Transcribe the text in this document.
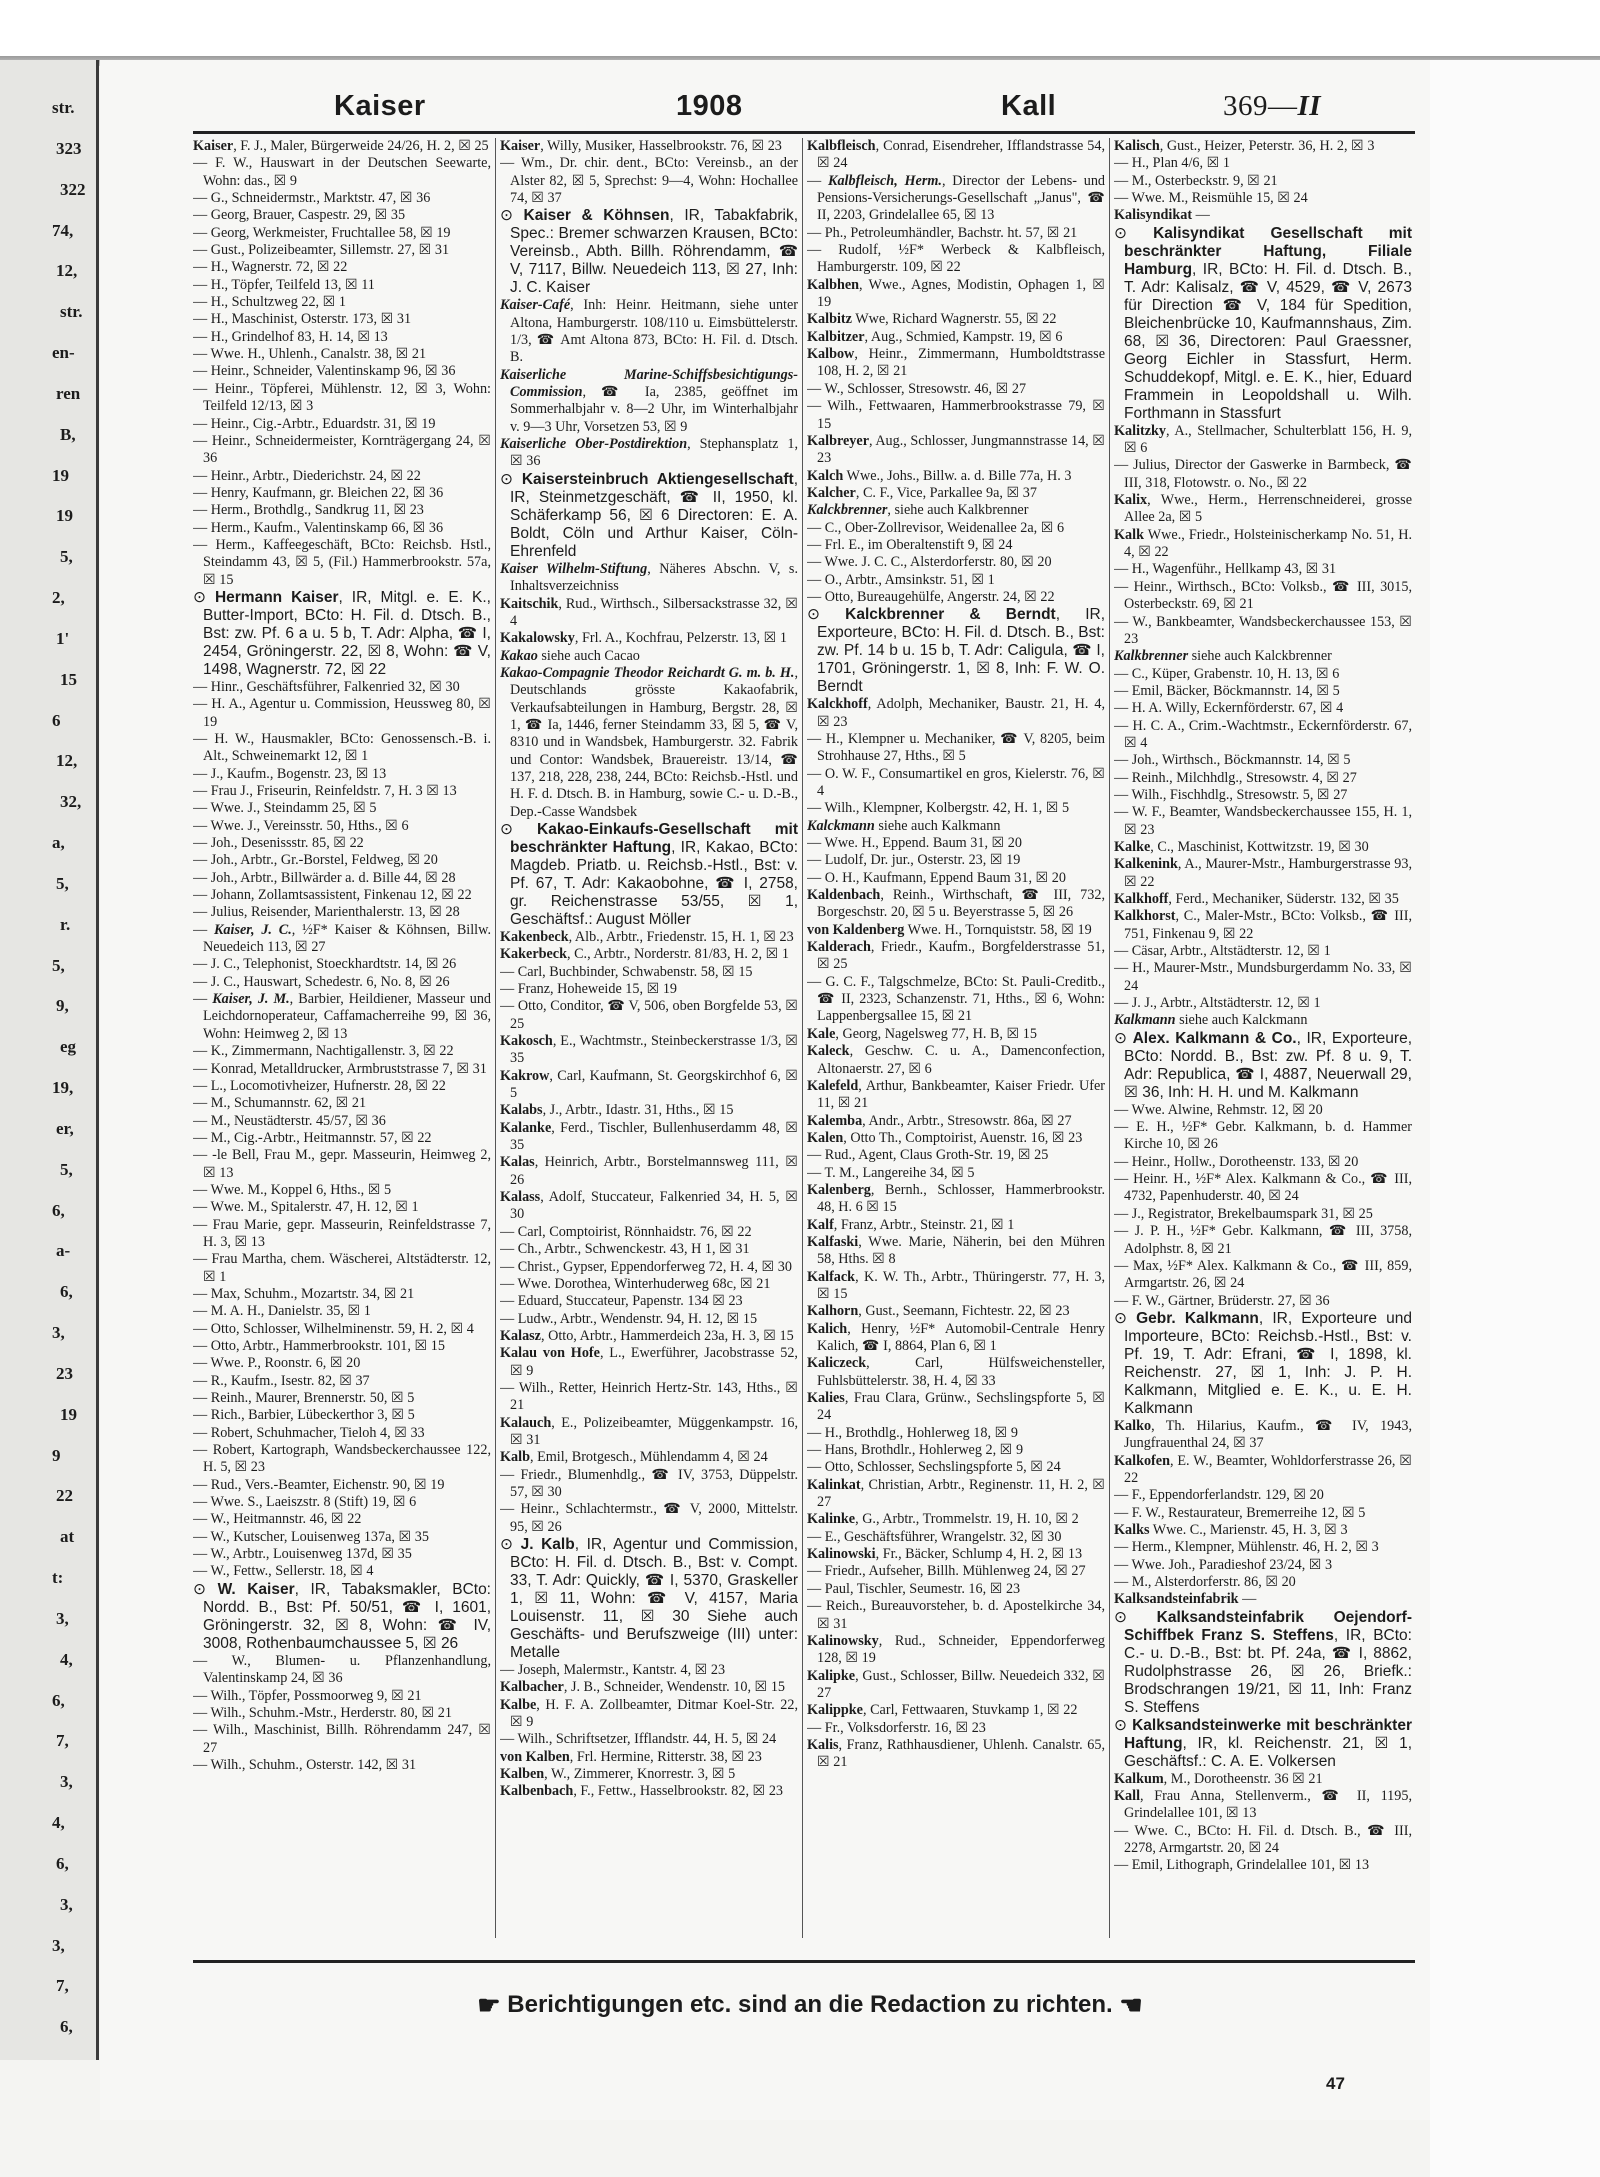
str.
323
322
74,
12,
str.
en-
ren
B,
19
19
5,
2,
1'
15
6
12,
32,
a,
5,
r.
5,
9,
eg
19,
er,
5,
6,
a-
6,
3,
23
19
9
22
at
t:
3,
4,
6,
7,
3,
4,
6,
3,
3,
7,
6,
Kaiser	1908	Kall	369—II

Kaiser, F. J., Maler, Bürgerweide 24/26, H. 2, ☒ 25

— F. W., Hauswart in der Deutschen Seewarte, Wohn: das., ☒ 9

— G., Schneidermstr., Marktstr. 47, ☒ 36

— Georg, Brauer, Caspestr. 29, ☒ 35

— Georg, Werkmeister, Fruchtallee 58, ☒ 19

— Gust., Polizeibeamter, Sillemstr. 27, ☒ 31

— H., Wagnerstr. 72, ☒ 22

— H., Töpfer, Teilfeld 13, ☒ 11

— H., Schultzweg 22, ☒ 1

— H., Maschinist, Osterstr. 173, ☒ 31

— H., Grindelhof 83, H. 14, ☒ 13

— Wwe. H., Uhlenh., Canalstr. 38, ☒ 21

— Heinr., Schneider, Valentinskamp 96, ☒ 36

— Heinr., Töpferei, Mühlenstr. 12, ☒ 3, Wohn: Teilfeld 12/13, ☒ 3

— Heinr., Cig.-Arbtr., Eduardstr. 31, ☒ 19

— Heinr., Schneidermeister, Kornträgergang 24, ☒ 36

— Heinr., Arbtr., Diederichstr. 24, ☒ 22

— Henry, Kaufmann, gr. Bleichen 22, ☒ 36

— Herm., Brothdlg., Sandkrug 11, ☒ 23

— Herm., Kaufm., Valentinskamp 66, ☒ 36

— Herm., Kaffeegeschäft, BCto: Reichsb. Hstl., Steindamm 43, ☒ 5, (Fil.) Hammerbrookstr. 57a, ☒ 15

⊙ Hermann Kaiser, IR, Mitgl. e. E. K., Butter-Import, BCto: H. Fil. d. Dtsch. B., Bst: zw. Pf. 6 a u. 5 b, T. Adr: Alpha, ☎ I, 2454, Gröningerstr. 22, ☒ 8, Wohn: ☎ V, 1498, Wagnerstr. 72, ☒ 22

— Hinr., Geschäftsführer, Falkenried 32, ☒ 30

— H. A., Agentur u. Commission, Heussweg 80, ☒ 19

— H. W., Hausmakler, BCto: Genossensch.-B. i. Alt., Schweinemarkt 12, ☒ 1

— J., Kaufm., Bogenstr. 23, ☒ 13

— Frau J., Friseurin, Reinfeldstr. 7, H. 3 ☒ 13

— Wwe. J., Steindamm 25, ☒ 5

— Wwe. J., Vereinsstr. 50, Hths., ☒ 6

— Joh., Desenissstr. 85, ☒ 22

— Joh., Arbtr., Gr.-Borstel, Feldweg, ☒ 20

— Joh., Arbtr., Billwärder a. d. Bille 44, ☒ 28

— Johann, Zollamtsassistent, Finkenau 12, ☒ 22

— Julius, Reisender, Marienthalerstr. 13, ☒ 28

— Kaiser, J. C., ½F* Kaiser & Köhnsen, Billw. Neuedeich 113, ☒ 27

— J. C., Telephonist, Stoeckhardtstr. 14, ☒ 26

— J. C., Hauswart, Schedestr. 6, No. 8, ☒ 26

— Kaiser, J. M., Barbier, Heildiener, Masseur und Leichdornoperateur, Caffamacherreihe 99, ☒ 36, Wohn: Heimweg 2, ☒ 13

— K., Zimmermann, Nachtigallenstr. 3, ☒ 22

— Konrad, Metalldrucker, Armbruststrasse 7, ☒ 31

— L., Locomotivheizer, Hufnerstr. 28, ☒ 22

— M., Schumannstr. 62, ☒ 21

— M., Neustädterstr. 45/57, ☒ 36

— M., Cig.-Arbtr., Heitmannstr. 57, ☒ 22

— -le Bell, Frau M., gepr. Masseurin, Heimweg 2, ☒ 13

— Wwe. M., Koppel 6, Hths., ☒ 5

— Wwe. M., Spitalerstr. 47, H. 12, ☒ 1

— Frau Marie, gepr. Masseurin, Reinfeldstrasse 7, H. 3, ☒ 13

— Frau Martha, chem. Wäscherei, Altstädterstr. 12, ☒ 1

— Max, Schuhm., Mozartstr. 34, ☒ 21

— M. A. H., Danielstr. 35, ☒ 1

— Otto, Schlosser, Wilhelminenstr. 59, H. 2, ☒ 4

— Otto, Arbtr., Hammerbrookstr. 101, ☒ 15

— Wwe. P., Roonstr. 6, ☒ 20

— R., Kaufm., Isestr. 82, ☒ 37

— Reinh., Maurer, Brennerstr. 50, ☒ 5

— Rich., Barbier, Lübeckerthor 3, ☒ 5

— Robert, Schuhmacher, Tieloh 4, ☒ 33

— Robert, Kartograph, Wandsbeckerchaussee 122, H. 5, ☒ 23

— Rud., Vers.-Beamter, Eichenstr. 90, ☒ 19

— Wwe. S., Laeiszstr. 8 (Stift) 19, ☒ 6

— W., Heitmannstr. 46, ☒ 22

— W., Kutscher, Louisenweg 137a, ☒ 35

— W., Arbtr., Louisenweg 137d, ☒ 35

— W., Fettw., Sellerstr. 18, ☒ 4

⊙ W. Kaiser, IR, Tabaksmakler, BCto: Nordd. B., Bst: Pf. 50/51, ☎ I, 1601, Gröningerstr. 32, ☒ 8, Wohn: ☎ IV, 3008, Rothenbaumchaussee 5, ☒ 26

— W., Blumen- u. Pflanzenhandlung, Valentinskamp 24, ☒ 36

— Wilh., Töpfer, Possmoorweg 9, ☒ 21

— Wilh., Schuhm.-Mstr., Herderstr. 80, ☒ 21

— Wilh., Maschinist, Billh. Röhrendamm 247, ☒ 27

— Wilh., Schuhm., Osterstr. 142, ☒ 31

Kaiser, Willy, Musiker, Hasselbrookstr. 76, ☒ 23

— Wm., Dr. chir. dent., BCto: Vereinsb., an der Alster 82, ☒ 5, Sprechst: 9—4, Wohn: Hochallee 74, ☒ 37

⊙ Kaiser & Köhnsen, IR, Tabakfabrik, Spec.: Bremer schwarzen Krausen, BCto: Vereinsb., Abth. Billh. Röhrendamm, ☎ V, 7117, Billw. Neuedeich 113, ☒ 27, Inh: J. C. Kaiser

Kaiser-Café, Inh: Heinr. Heitmann, siehe unter Altona, Hamburgerstr. 108/110 u. Eimsbüttelerstr. 1/3, ☎ Amt Altona 873, BCto: H. Fil. d. Dtsch. B.

Kaiserliche Marine-Schiffsbesichtigungs-Commission, ☎ Ia, 2385, geöffnet im Sommerhalbjahr v. 8—2 Uhr, im Winterhalbjahr v. 9—3 Uhr, Vorsetzen 53, ☒ 9

Kaiserliche Ober-Postdirektion, Stephansplatz 1, ☒ 36

⊙ Kaisersteinbruch Aktiengesellschaft, IR, Steinmetzgeschäft, ☎ II, 1950, kl. Schäferkamp 56, ☒ 6 Directoren: E. A. Boldt, Cöln und Arthur Kaiser, Cöln-Ehrenfeld

Kaiser Wilhelm-Stiftung, Näheres Abschn. V, s. Inhaltsverzeichniss

Kaitschik, Rud., Wirthsch., Silbersackstrasse 32, ☒ 4

Kakalowsky, Frl. A., Kochfrau, Pelzerstr. 13, ☒ 1

Kakao siehe auch Cacao

Kakao-Compagnie Theodor Reichardt G. m. b. H., Deutschlands grösste Kakaofabrik, Verkaufsabteilungen in Hamburg, Bergstr. 28, ☒ 1, ☎ Ia, 1446, ferner Steindamm 33, ☒ 5, ☎ V, 8310 und in Wandsbek, Hamburgerstr. 32. Fabrik und Contor: Wandsbek, Brauereistr. 13/14, ☎ 137, 218, 228, 238, 244, BCto: Reichsb.-Hstl. und H. F. d. Dtsch. B. in Hamburg, sowie C.- u. D.-B., Dep.-Casse Wandsbek

⊙ Kakao-Einkaufs-Gesellschaft mit beschränkter Haftung, IR, Kakao, BCto: Magdeb. Priatb. u. Reichsb.-Hstl., Bst: v. Pf. 67, T. Adr: Kakaobohne, ☎ I, 2758, gr. Reichenstrasse 53/55, ☒ 1, Geschäftsf.: August Möller

Kakenbeck, Alb., Arbtr., Friedenstr. 15, H. 1, ☒ 23

Kakerbeck, C., Arbtr., Norderstr. 81/83, H. 2, ☒ 1

— Carl, Buchbinder, Schwabenstr. 58, ☒ 15

— Franz, Hoheweide 15, ☒ 19

— Otto, Conditor, ☎ V, 506, oben Borgfelde 53, ☒ 25

Kakosch, E., Wachtmstr., Steinbeckerstrasse 1/3, ☒ 35

Kakrow, Carl, Kaufmann, St. Georgskirchhof 6, ☒ 5

Kalabs, J., Arbtr., Idastr. 31, Hths., ☒ 15

Kalanke, Ferd., Tischler, Bullenhuserdamm 48, ☒ 35

Kalas, Heinrich, Arbtr., Borstelmannsweg 111, ☒ 26

Kalass, Adolf, Stuccateur, Falkenried 34, H. 5, ☒ 30

— Carl, Comptoirist, Rönnhaidstr. 76, ☒ 22

— Ch., Arbtr., Schwenckestr. 43, H 1, ☒ 31

— Christ., Gypser, Eppendorferweg 72, H. 4, ☒ 30

— Wwe. Dorothea, Winterhuderweg 68c, ☒ 21

— Eduard, Stuccateur, Papenstr. 134 ☒ 23

— Ludw., Arbtr., Wendenstr. 94, H. 12, ☒ 15

Kalasz, Otto, Arbtr., Hammerdeich 23a, H. 3, ☒ 15

Kalau von Hofe, L., Ewerführer, Jacobstrasse 52, ☒ 9

— Wilh., Retter, Heinrich Hertz-Str. 143, Hths., ☒ 21

Kalauch, E., Polizeibeamter, Müggenkampstr. 16, ☒ 31

Kalb, Emil, Brotgesch., Mühlendamm 4, ☒ 24

— Friedr., Blumenhdlg., ☎ IV, 3753, Düppelstr. 57, ☒ 30

— Heinr., Schlachtermstr., ☎ V, 2000, Mittelstr. 95, ☒ 26

⊙ J. Kalb, IR, Agentur und Commission, BCto: H. Fil. d. Dtsch. B., Bst: v. Compt. 33, T. Adr: Quickly, ☎ I, 5370, Graskeller 1, ☒ 11, Wohn: ☎ V, 4157, Maria Louisenstr. 11, ☒ 30 Siehe auch Geschäfts- und Berufszweige (III) unter: Metalle

— Joseph, Malermstr., Kantstr. 4, ☒ 23

Kalbacher, J. B., Schneider, Wendenstr. 10, ☒ 15

Kalbe, H. F. A. Zollbeamter, Ditmar Koel-Str. 22, ☒ 9

— Wilh., Schriftsetzer, Ifflandstr. 44, H. 5, ☒ 24

von Kalben, Frl. Hermine, Ritterstr. 38, ☒ 23

Kalben, W., Zimmerer, Knorrestr. 3, ☒ 5

Kalbenbach, F., Fettw., Hasselbrookstr. 82, ☒ 23

Kalbfleisch, Conrad, Eisendreher, Ifflandstrasse 54, ☒ 24

— Kalbfleisch, Herm., Director der Lebens- und Pensions-Versicherungs-Gesellschaft „Janus", ☎ II, 2203, Grindelallee 65, ☒ 13

— Ph., Petroleumhändler, Bachstr. ht. 57, ☒ 21

— Rudolf, ½F* Werbeck & Kalbfleisch, Hamburgerstr. 109, ☒ 22

Kalbhen, Wwe., Agnes, Modistin, Ophagen 1, ☒ 19

Kalbitz Wwe, Richard Wagnerstr. 55, ☒ 22

Kalbitzer, Aug., Schmied, Kampstr. 19, ☒ 6

Kalbow, Heinr., Zimmermann, Humboldtstrasse 108, H. 2, ☒ 21

— W., Schlosser, Stresowstr. 46, ☒ 27

— Wilh., Fettwaaren, Hammerbrookstrasse 79, ☒ 15

Kalbreyer, Aug., Schlosser, Jungmannstrasse 14, ☒ 23

Kalch Wwe., Johs., Billw. a. d. Bille 77a, H. 3

Kalcher, C. F., Vice, Parkallee 9a, ☒ 37

Kalckbrenner, siehe auch Kalkbrenner

— C., Ober-Zollrevisor, Weidenallee 2a, ☒ 6

— Frl. E., im Oberaltenstift 9, ☒ 24

— Wwe. J. C. C., Alsterdorferstr. 80, ☒ 20

— O., Arbtr., Amsinkstr. 51, ☒ 1

— Otto, Bureaugehülfe, Angerstr. 24, ☒ 22

⊙ Kalckbrenner & Berndt, IR, Exporteure, BCto: H. Fil. d. Dtsch. B., Bst: zw. Pf. 14 b u. 15 b, T. Adr: Caligula, ☎ I, 1701, Gröningerstr. 1, ☒ 8, Inh: F. W. O. Berndt

Kalckhoff, Adolph, Mechaniker, Baustr. 21, H. 4, ☒ 23

— H., Klempner u. Mechaniker, ☎ V, 8205, beim Strohhause 27, Hths., ☒ 5

— O. W. F., Consumartikel en gros, Kielerstr. 76, ☒ 4

— Wilh., Klempner, Kolbergstr. 42, H. 1, ☒ 5

Kalckmann siehe auch Kalkmann

— Wwe. H., Eppend. Baum 31, ☒ 20

— Ludolf, Dr. jur., Osterstr. 23, ☒ 19

— O. H., Kaufmann, Eppend Baum 31, ☒ 20

Kaldenbach, Reinh., Wirthschaft, ☎ III, 732, Borgeschstr. 20, ☒ 5 u. Beyerstrasse 5, ☒ 26

von Kaldenberg Wwe. H., Tornquiststr. 58, ☒ 19

Kalderach, Friedr., Kaufm., Borgfelderstrasse 51, ☒ 25

— G. C. F., Talgschmelze, BCto: St. Pauli-Creditb., ☎ II, 2323, Schanzenstr. 71, Hths., ☒ 6, Wohn: Lappenbergsallee 15, ☒ 21

Kale, Georg, Nagelsweg 77, H. B, ☒ 15

Kaleck, Geschw. C. u. A., Damenconfection, Altonaerstr. 27, ☒ 6

Kalefeld, Arthur, Bankbeamter, Kaiser Friedr. Ufer 11, ☒ 21

Kalemba, Andr., Arbtr., Stresowstr. 86a, ☒ 27

Kalen, Otto Th., Comptoirist, Auenstr. 16, ☒ 23

— Rud., Agent, Claus Groth-Str. 19, ☒ 25

— T. M., Langereihe 34, ☒ 5

Kalenberg, Bernh., Schlosser, Hammerbrookstr. 48, H. 6 ☒ 15

Kalf, Franz, Arbtr., Steinstr. 21, ☒ 1

Kalfaski, Wwe. Marie, Näherin, bei den Mühren 58, Hths. ☒ 8

Kalfack, K. W. Th., Arbtr., Thüringerstr. 77, H. 3, ☒ 15

Kalhorn, Gust., Seemann, Fichtestr. 22, ☒ 23

Kalich, Henry, ½F* Automobil-Centrale Henry Kalich, ☎ I, 8864, Plan 6, ☒ 1

Kaliczeck, Carl, Hülfsweichensteller, Fuhlsbüttelerstr. 38, H. 4, ☒ 33

Kalies, Frau Clara, Grünw., Sechslingspforte 5, ☒ 24

— H., Brothdlg., Hohlerweg 18, ☒ 9

— Hans, Brothdlr., Hohlerweg 2, ☒ 9

— Otto, Schlosser, Sechslingspforte 5, ☒ 24

Kalinkat, Christian, Arbtr., Reginenstr. 11, H. 2, ☒ 27

Kalinke, G., Arbtr., Trommelstr. 19, H. 10, ☒ 2

— E., Geschäftsführer, Wrangelstr. 32, ☒ 30

Kalinowski, Fr., Bäcker, Schlump 4, H. 2, ☒ 13

— Friedr., Aufseher, Billh. Mühlenweg 24, ☒ 27

— Paul, Tischler, Seumestr. 16, ☒ 23

— Reich., Bureauvorsteher, b. d. Apostelkirche 34, ☒ 31

Kalinowsky, Rud., Schneider, Eppendorferweg 128, ☒ 19

Kalipke, Gust., Schlosser, Billw. Neuedeich 332, ☒ 27

Kalippke, Carl, Fettwaaren, Stuvkamp 1, ☒ 22

— Fr., Volksdorferstr. 16, ☒ 23

Kalis, Franz, Rathhausdiener, Uhlenh. Canalstr. 65, ☒ 21

Kalisch, Gust., Heizer, Peterstr. 36, H. 2, ☒ 3

— H., Plan 4/6, ☒ 1

— M., Osterbeckstr. 9, ☒ 21

— Wwe. M., Reismühle 15, ☒ 24

Kalisyndikat —

⊙ Kalisyndikat Gesellschaft mit beschränkter Haftung, Filiale Hamburg, IR, BCto: H. Fil. d. Dtsch. B., T. Adr: Kalisalz, ☎ V, 4529, ☎ V, 2673 für Direction ☎ V, 184 für Spedition, Bleichenbrücke 10, Kaufmannshaus, Zim. 68, ☒ 36, Directoren: Paul Graessner, Georg Eichler in Stassfurt, Herm. Schuddekopf, Mitgl. e. E. K., hier, Eduard Frammein in Leopoldshall u. Wilh. Forthmann in Stassfurt

Kalitzky, A., Stellmacher, Schulterblatt 156, H. 9, ☒ 6

— Julius, Director der Gaswerke in Barmbeck, ☎ III, 318, Flotowstr. o. No., ☒ 22

Kalix, Wwe., Herm., Herrenschneiderei, grosse Allee 2a, ☒ 5

Kalk Wwe., Friedr., Holsteinischerkamp No. 51, H. 4, ☒ 22

— H., Wagenführ., Hellkamp 43, ☒ 31

— Heinr., Wirthsch., BCto: Volksb., ☎ III, 3015, Osterbeckstr. 69, ☒ 21

— W., Bankbeamter, Wandsbeckerchaussee 153, ☒ 23

Kalkbrenner siehe auch Kalckbrenner

— C., Küper, Grabenstr. 10, H. 13, ☒ 6

— Emil, Bäcker, Böckmannstr. 14, ☒ 5

— H. A. Willy, Eckernförderstr. 67, ☒ 4

— H. C. A., Crim.-Wachtmstr., Eckernförderstr. 67, ☒ 4

— Joh., Wirthsch., Böckmannstr. 14, ☒ 5

— Reinh., Milchhdlg., Stresowstr. 4, ☒ 27

— Wilh., Fischhdlg., Stresowstr. 5, ☒ 27

— W. F., Beamter, Wandsbeckerchaussee 155, H. 1, ☒ 23

Kalke, C., Maschinist, Kottwitzstr. 19, ☒ 30

Kalkenink, A., Maurer-Mstr., Hamburgerstrasse 93, ☒ 22

Kalkhoff, Ferd., Mechaniker, Süderstr. 132, ☒ 35

Kalkhorst, C., Maler-Mstr., BCto: Volksb., ☎ III, 751, Finkenau 9, ☒ 22

— Cäsar, Arbtr., Altstädterstr. 12, ☒ 1

— H., Maurer-Mstr., Mundsburgerdamm No. 33, ☒ 24

— J. J., Arbtr., Altstädterstr. 12, ☒ 1

Kalkmann siehe auch Kalckmann

⊙ Alex. Kalkmann & Co., IR, Exporteure, BCto: Nordd. B., Bst: zw. Pf. 8 u. 9, T. Adr: Republica, ☎ I, 4887, Neuerwall 29, ☒ 36, Inh: H. H. und M. Kalkmann

— Wwe. Alwine, Rehmstr. 12, ☒ 20

— E. H., ½F* Gebr. Kalkmann, b. d. Hammer Kirche 10, ☒ 26

— Heinr., Hollw., Dorotheenstr. 133, ☒ 20

— Heinr. H., ½F* Alex. Kalkmann & Co., ☎ III, 4732, Papenhuderstr. 40, ☒ 24

— J., Registrator, Brekelbaumspark 31, ☒ 25

— J. P. H., ½F* Gebr. Kalkmann, ☎ III, 3758, Adolphstr. 8, ☒ 21

— Max, ½F* Alex. Kalkmann & Co., ☎ III, 859, Armgartstr. 26, ☒ 24

— F. W., Gärtner, Brüderstr. 27, ☒ 36

⊙ Gebr. Kalkmann, IR, Exporteure und Importeure, BCto: Reichsb.-Hstl., Bst: v. Pf. 19, T. Adr: Efrani, ☎ I, 1898, kl. Reichenstr. 27, ☒ 1, Inh: J. P. H. Kalkmann, Mitglied e. E. K., u. E. H. Kalkmann

Kalko, Th. Hilarius, Kaufm., ☎ IV, 1943, Jungfrauenthal 24, ☒ 37

Kalkofen, E. W., Beamter, Wohldorferstrasse 26, ☒ 22

— F., Eppendorferlandstr. 129, ☒ 20

— F. W., Restaurateur, Bremerreihe 12, ☒ 5

Kalks Wwe. C., Marienstr. 45, H. 3, ☒ 3

— Herm., Klempner, Mühlenstr. 46, H. 2, ☒ 3

— Wwe. Joh., Paradieshof 23/24, ☒ 3

— M., Alsterdorferstr. 86, ☒ 20

Kalksandsteinfabrik —

⊙ Kalksandsteinfabrik Oejendorf-Schiffbek Franz S. Steffens, IR, BCto: C.- u. D.-B., Bst: bt. Pf. 24a, ☎ I, 8862, Rudolphstrasse 26, ☒ 26, Briefk.: Brodschrangen 19/21, ☒ 11, Inh: Franz S. Steffens

⊙ Kalksandsteinwerke mit beschränkter Haftung, IR, kl. Reichenstr. 21, ☒ 1, Geschäftsf.: C. A. E. Volkersen

Kalkum, M., Dorotheenstr. 36 ☒ 21

Kall, Frau Anna, Stellenverm., ☎ II, 1195, Grindelallee 101, ☒ 13

— Wwe. C., BCto: H. Fil. d. Dtsch. B., ☎ III, 2278, Armgartstr. 20, ☒ 24

— Emil, Lithograph, Grindelallee 101, ☒ 13

☛ Berichtigungen etc. sind an die Redaction zu richten. ☚
47
